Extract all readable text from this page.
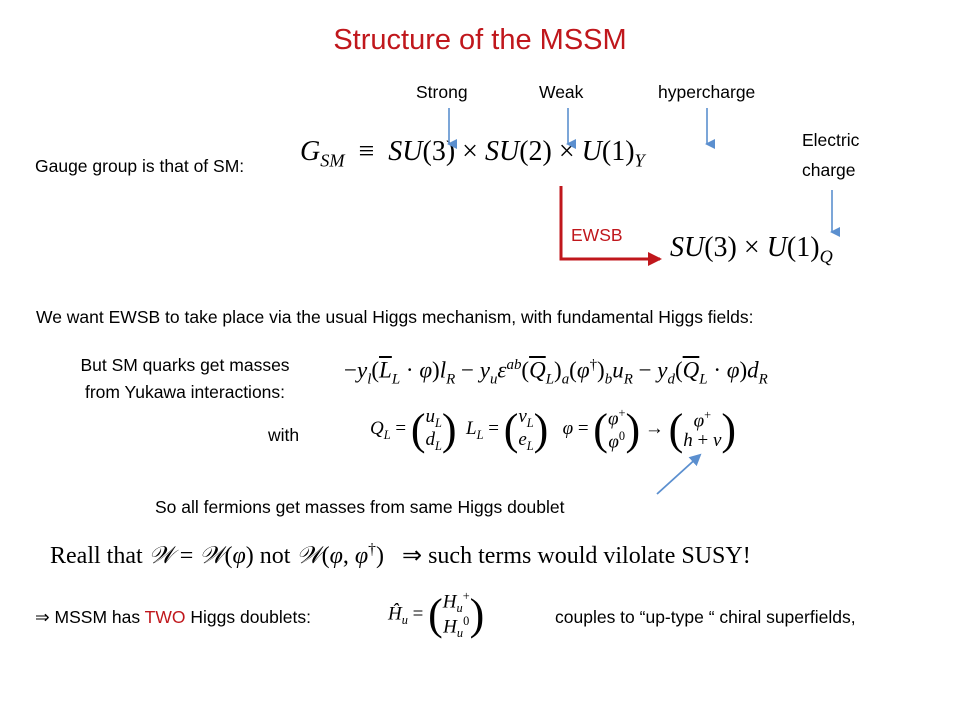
Structure of the MSSM
Strong	Weak	hypercharge
Electric
charge
Gauge group is that of SM: $G_{SM} \equiv SU(3) \times SU(2) \times U(1)_Y$
EWSB $SU(3) \times U(1)_Q$
We want EWSB to take place via the usual Higgs mechanism, with fundamental Higgs fields:
But SM quarks get masses
from Yukawa interactions:
$-y_l(\overline{L}_L \cdot \varphi)l_R - y_u\varepsilon^{ab}(\overline{Q}_L)_a(\varphi^\dagger)_bu_R - y_d(\overline{Q}_L \cdot \varphi)d_R$
with	$Q_L$ = ( $u_L$
$d_L$ ) $L_L$ = ( $\nu_L$
$e_L$ ) φ = ( φ+
$\varphi^0$ ) → ( φ+
h + v )
So all fermions get masses from same Higgs doublet
Reall that 𝒲 = 𝒲(φ) not 𝒲(φ, φ†)   ⇒ such terms would vilolate SUSY!
⇒ MSSM has TWO Higgs doublets:	$Ĥ_u$ = ( $H_u^+$
$H_u^0$ )	couples to “up-type “ chiral superfields,
